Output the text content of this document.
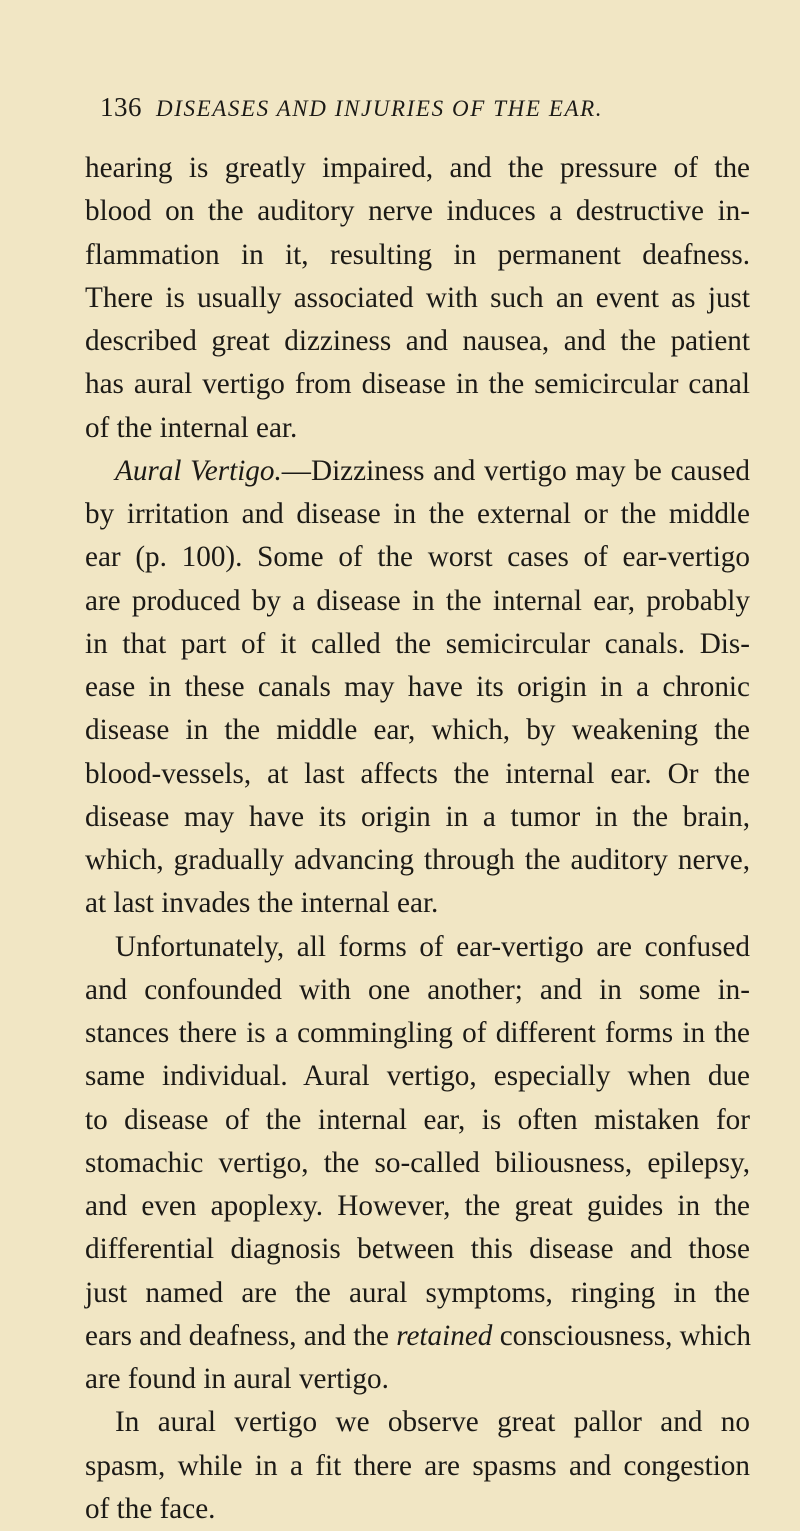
136 DISEASES AND INJURIES OF THE EAR.
hearing is greatly impaired, and the pressure of the
blood on the auditory nerve induces a destructive in-
flammation in it, resulting in permanent deafness.
There is usually associated with such an event as just
described great dizziness and nausea, and the patient
has aural vertigo from disease in the semicircular canal
of the internal ear.
Aural Vertigo.—Dizziness and vertigo may be caused
by irritation and disease in the external or the middle
ear (p. 100). Some of the worst cases of ear-vertigo
are produced by a disease in the internal ear, probably
in that part of it called the semicircular canals. Dis-
ease in these canals may have its origin in a chronic
disease in the middle ear, which, by weakening the
blood-vessels, at last affects the internal ear. Or the
disease may have its origin in a tumor in the brain,
which, gradually advancing through the auditory nerve,
at last invades the internal ear.
Unfortunately, all forms of ear-vertigo are confused
and confounded with one another; and in some in-
stances there is a commingling of different forms in the
same individual. Aural vertigo, especially when due
to disease of the internal ear, is often mistaken for
stomachic vertigo, the so-called biliousness, epilepsy,
and even apoplexy. However, the great guides in the
differential diagnosis between this disease and those
just named are the aural symptoms, ringing in the
ears and deafness, and the retained consciousness, which
are found in aural vertigo.
In aural vertigo we observe great pallor and no
spasm, while in a fit there are spasms and congestion
of the face.
